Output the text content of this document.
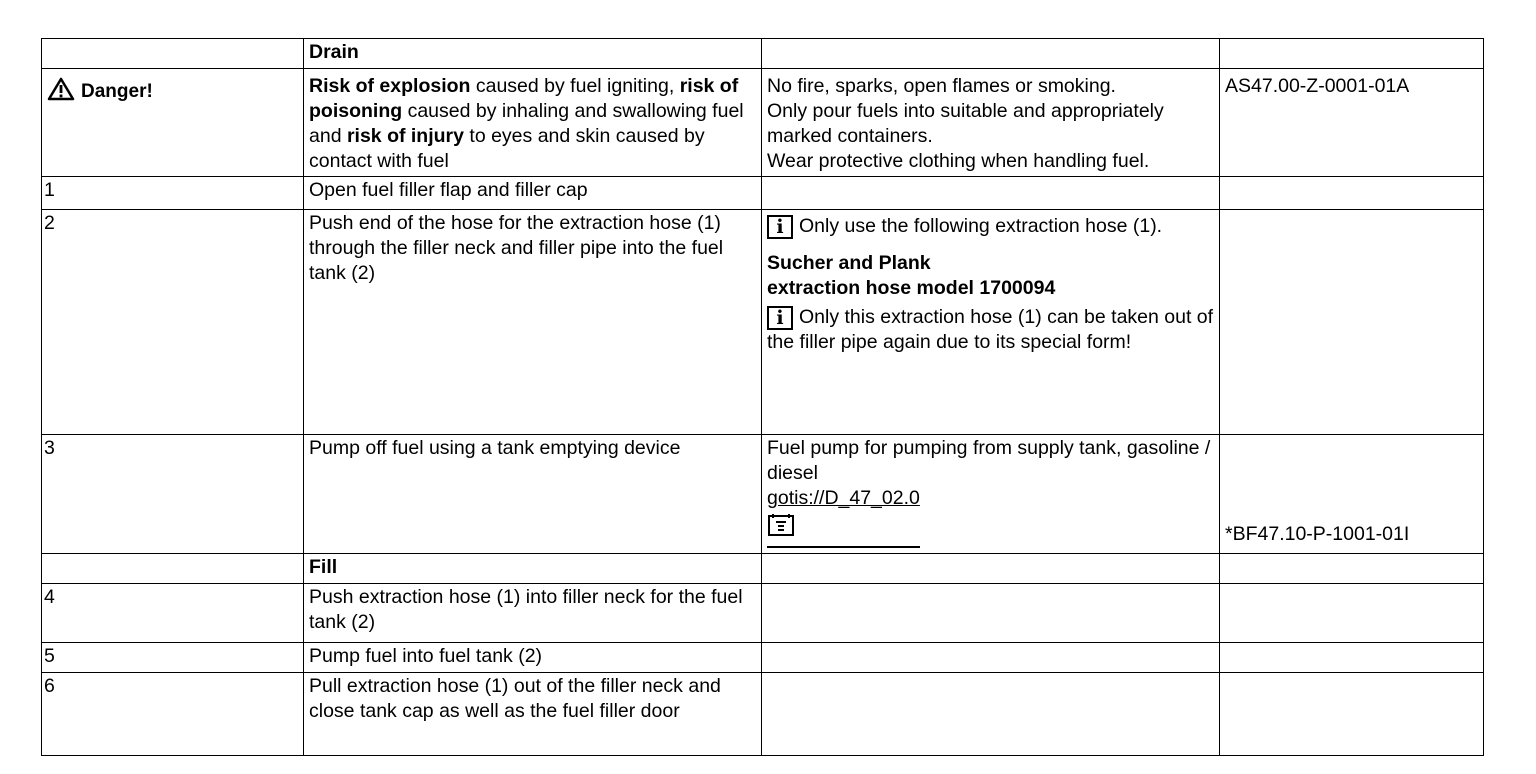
	Drain		
Danger!	Risk of explosion caused by fuel igniting, risk of poisoning caused by inhaling and swallowing fuel and risk of injury to eyes and skin caused by contact with fuel	No fire, sparks, open flames or smoking.
Only pour fuels into suitable and appropriately marked containers.
Wear protective clothing when handling fuel.	AS47.00-Z-0001-01A
1	Open fuel filler flap and filler cap		
2	Push end of the hose for the extraction hose (1) through the filler neck and filler pipe into the fuel tank (2)	i Only use the following extraction hose (1).
Sucher and Plank
extraction hose model 1700094
i Only this extraction hose (1) can be taken out of the filler pipe again due to its special form!	

3	Pump off fuel using a tank emptying device	Fuel pump for pumping from supply tank, gasoline / diesel
gotis://D_47_02.0	*BF47.10-P-1001-01I
	Fill		
4	Push extraction hose (1) into filler neck for the fuel tank (2)		
5	Pump fuel into fuel tank (2)		
6	Pull extraction hose (1) out of the filler neck and close tank cap as well as the fuel filler door		
